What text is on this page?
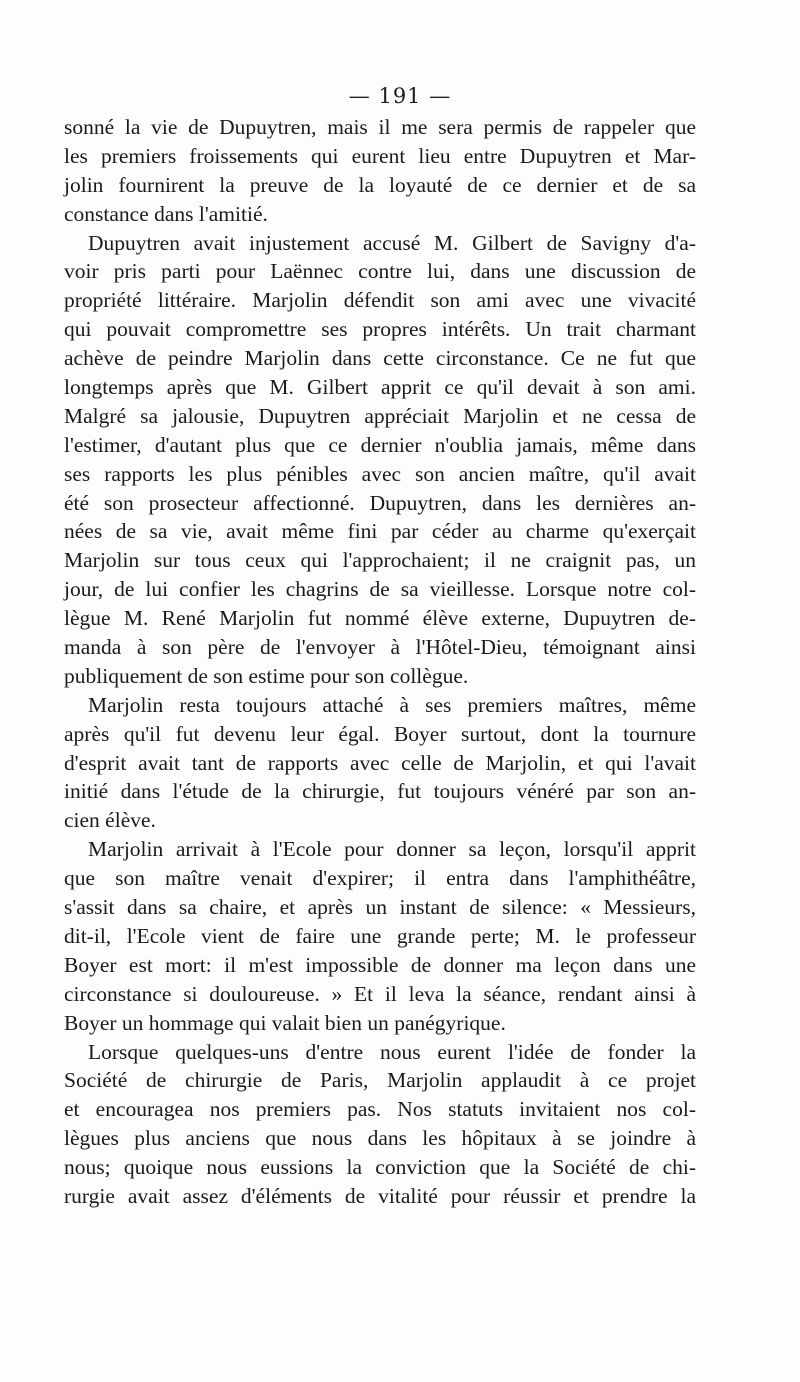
— 191 —
sonné la vie de Dupuytren, mais il me sera permis de rappeler que
les premiers froissements qui eurent lieu entre Dupuytren et Mar-
jolin fournirent la preuve de la loyauté de ce dernier et de sa
constance dans l'amitié.
Dupuytren avait injustement accusé M. Gilbert de Savigny d'a-
voir pris parti pour Laënnec contre lui, dans une discussion de
propriété littéraire. Marjolin défendit son ami avec une vivacité
qui pouvait compromettre ses propres intérêts. Un trait charmant
achève de peindre Marjolin dans cette circonstance. Ce ne fut que
longtemps après que M. Gilbert apprit ce qu'il devait à son ami.
Malgré sa jalousie, Dupuytren appréciait Marjolin et ne cessa de
l'estimer, d'autant plus que ce dernier n'oublia jamais, même dans
ses rapports les plus pénibles avec son ancien maître, qu'il avait
été son prosecteur affectionné. Dupuytren, dans les dernières an-
nées de sa vie, avait même fini par céder au charme qu'exerçait
Marjolin sur tous ceux qui l'approchaient; il ne craignit pas, un
jour, de lui confier les chagrins de sa vieillesse. Lorsque notre col-
lègue M. René Marjolin fut nommé élève externe, Dupuytren de-
manda à son père de l'envoyer à l'Hôtel-Dieu, témoignant ainsi
publiquement de son estime pour son collègue.
Marjolin resta toujours attaché à ses premiers maîtres, même
après qu'il fut devenu leur égal. Boyer surtout, dont la tournure
d'esprit avait tant de rapports avec celle de Marjolin, et qui l'avait
initié dans l'étude de la chirurgie, fut toujours vénéré par son an-
cien élève.
Marjolin arrivait à l'Ecole pour donner sa leçon, lorsqu'il apprit
que son maître venait d'expirer; il entra dans l'amphithéâtre,
s'assit dans sa chaire, et après un instant de silence: « Messieurs,
dit-il, l'Ecole vient de faire une grande perte; M. le professeur
Boyer est mort: il m'est impossible de donner ma leçon dans une
circonstance si douloureuse. » Et il leva la séance, rendant ainsi à
Boyer un hommage qui valait bien un panégyrique.
Lorsque quelques-uns d'entre nous eurent l'idée de fonder la
Société de chirurgie de Paris, Marjolin applaudit à ce projet
et encouragea nos premiers pas. Nos statuts invitaient nos col-
lègues plus anciens que nous dans les hôpitaux à se joindre à
nous; quoique nous eussions la conviction que la Société de chi-
rurgie avait assez d'éléments de vitalité pour réussir et prendre la
